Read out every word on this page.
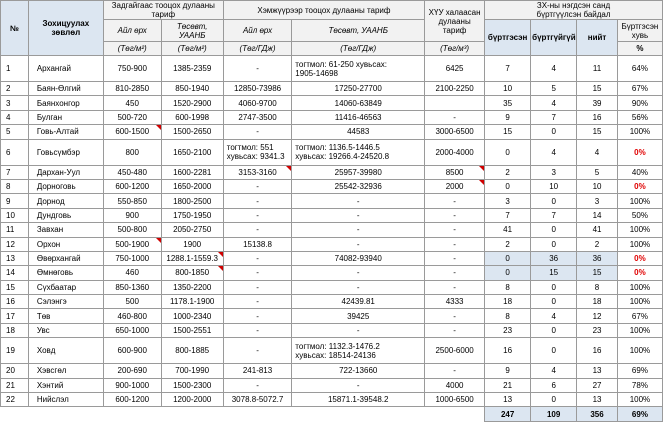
№	Зохицуулах
зөвлөл	Задгайгаас тооцох дулааны тариф		Хэмжүүрээр тооцох дулааны тариф		ХҮУ халаасан
дулааны
тариф	ЗХ-ны нэгдсэн санд
бүртгүүлсэн байдал			
		Айл өрх	Төсөвт,
УААНБ	Айл өрх	Төсөвт, УААНБ		бүртгэсэн	бүртгүйгүй	нийт	Бүртгэсэн
хувь
		(Төг/м²)	(Төг/м²)	(Төг/ГДж)	(Төг/ГДж)	(Төг/м³)				%
1	Архангай	750-900	1385-2359	-	тогтмол: 61-250 хувьсах:
1905-14698	6425	7	4	11	64%
2	Баян-Өлгий	810-2850	850-1940	12850-73986	17250-27700	2100-2250	10	5	15	67%
3	Баянхонгор	450	1520-2900	4060-9700	14060-63849		35	4	39	90%
4	Булган	500-720	600-1998	2747-3500	11416-46563	-	9	7	16	56%
5	Говь-Алтай	600-1500	1500-2650	-	44583	3000-6500	15	0	15	100%
6	Говьсүмбэр	800	1650-2100	тогтмол: 551
хувьсах: 9341.3	тогтмол: 1136.5-1446.5
хувьсах: 19266.4-24520.8	2000-4000	0	4	4	0%
7	Дархан-Уул	450-480	1600-2281	3153-3160	25957-39980	8500	2	3	5	40%
8	Дорноговь	600-1200	1650-2000	-	25542-32936	2000	0	10	10	0%
9	Дорнод	550-850	1800-2500	-	-	-	3	0	3	100%
10	Дундговь	900	1750-1950	-	-	-	7	7	14	50%
11	Завхан	500-800	2050-2750	-	-	-	41	0	41	100%
12	Орхон	500-1900	1900	15138.8	-	-	2	0	2	100%
13	Өвөрхангай	750-1000	1288.1-1559.3	-	74082-93940	-	0	36	36	0%
14	Өмнөговь	460	800-1850	-	-	-	0	15	15	0%
15	Сүхбаатар	850-1360	1350-2200	-	-	-	8	0	8	100%
16	Сэлэнгэ	500	1178.1-1900	-	42439.81	4333	18	0	18	100%
17	Төв	460-800	1000-2340	-	39425	-	8	4	12	67%
18	Увс	650-1000	1500-2551	-	-	-	23	0	23	100%
19	Ховд	600-900	800-1885	-	тогтмол: 1132.3-1476.2
хувьсах: 18514-24136	2500-6000	16	0	16	100%
20	Хэвсгөл	200-690	700-1990	241-813	722-13660	-	9	4	13	69%
21	Хэнтий	900-1000	1500-2300	-	-	4000	21	6	27	78%
22	Нийслэл	600-1200	1200-2000	3078.8-5072.7	15871.1-39548.2	1000-6500	13	0	13	100%
							247	109	356	69%
